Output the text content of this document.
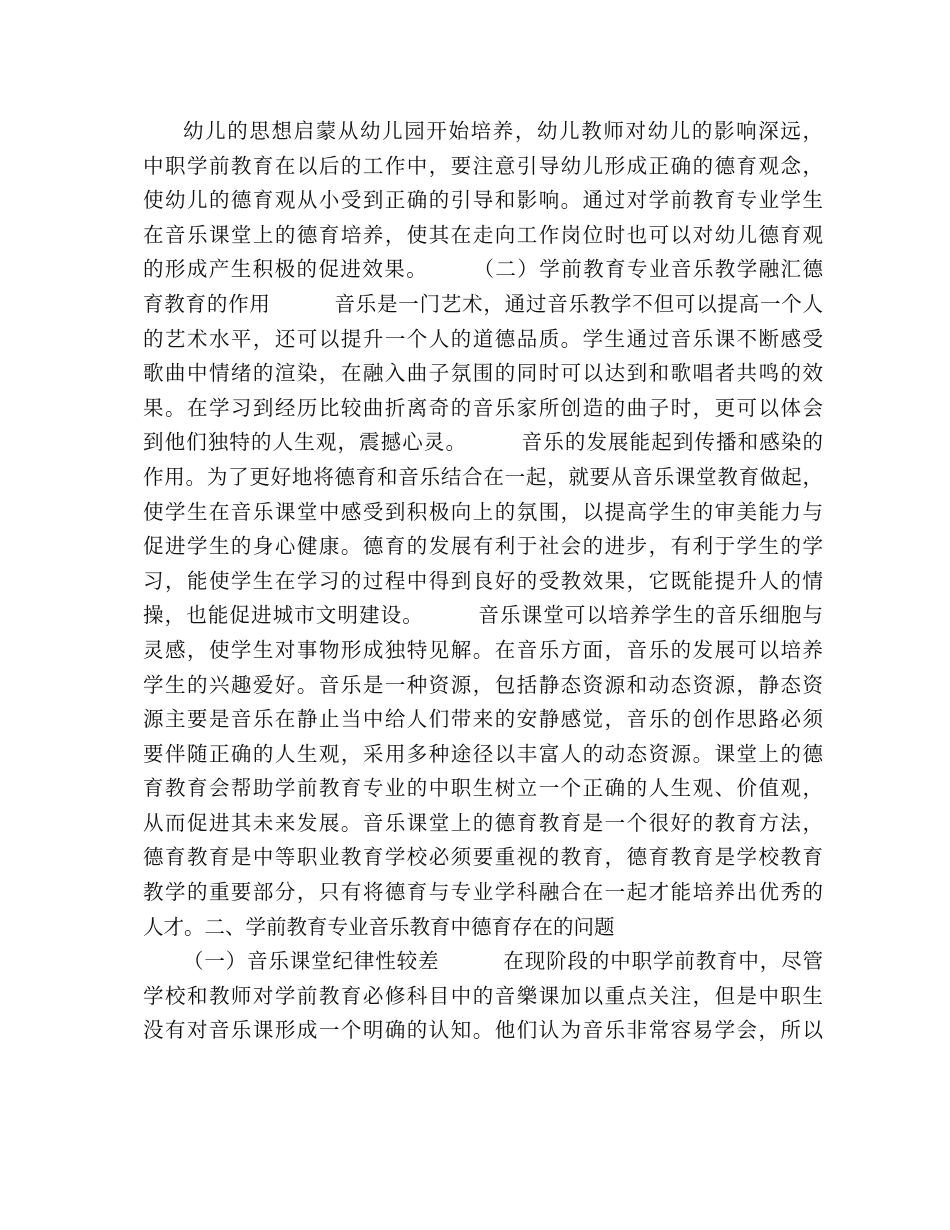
幼儿的思想启蒙从幼儿园开始培养，幼儿教师对幼儿的影响深远，
中职学前教育在以后的工作中，要注意引导幼儿形成正确的德育观念，
使幼儿的德育观从小受到正确的引导和影响。通过对学前教育专业学生
在音乐课堂上的德育培养，使其在走向工作岗位时也可以对幼儿德育观
的形成产生积极的促进效果。　　　（二）学前教育专业音乐教学融汇德
育教育的作用　　　音乐是一门艺术，通过音乐教学不但可以提高一个人
的艺术水平，还可以提升一个人的道德品质。学生通过音乐课不断感受
歌曲中情绪的渲染，在融入曲子氛围的同时可以达到和歌唱者共鸣的效
果。在学习到经历比较曲折离奇的音乐家所创造的曲子时，更可以体会
到他们独特的人生观，震撼心灵。　　　音乐的发展能起到传播和感染的
作用。为了更好地将德育和音乐结合在一起，就要从音乐课堂教育做起，
使学生在音乐课堂中感受到积极向上的氛围，以提高学生的审美能力与
促进学生的身心健康。德育的发展有利于社会的进步，有利于学生的学
习，能使学生在学习的过程中得到良好的受教效果，它既能提升人的情
操，也能促进城市文明建设。　　　音乐课堂可以培养学生的音乐细胞与
灵感，使学生对事物形成独特见解。在音乐方面，音乐的发展可以培养
学生的兴趣爱好。音乐是一种资源，包括静态资源和动态资源，静态资
源主要是音乐在静止当中给人们带来的安静感觉，音乐的创作思路必须
要伴随正确的人生观，采用多种途径以丰富人的动态资源。课堂上的德
育教育会帮助学前教育专业的中职生树立一个正确的人生观、价值观，
从而促进其未来发展。音乐课堂上的德育教育是一个很好的教育方法，
德育教育是中等职业教育学校必须要重视的教育，德育教育是学校教育
教学的重要部分，只有将德育与专业学科融合在一起才能培养出优秀的
人才。二、学前教育专业音乐教育中德育存在的问题
（一）音乐课堂纪律性较差　　　在现阶段的中职学前教育中，尽管
学校和教师对学前教育必修科目中的音樂课加以重点关注，但是中职生
没有对音乐课形成一个明确的认知。他们认为音乐非常容易学会，所以
